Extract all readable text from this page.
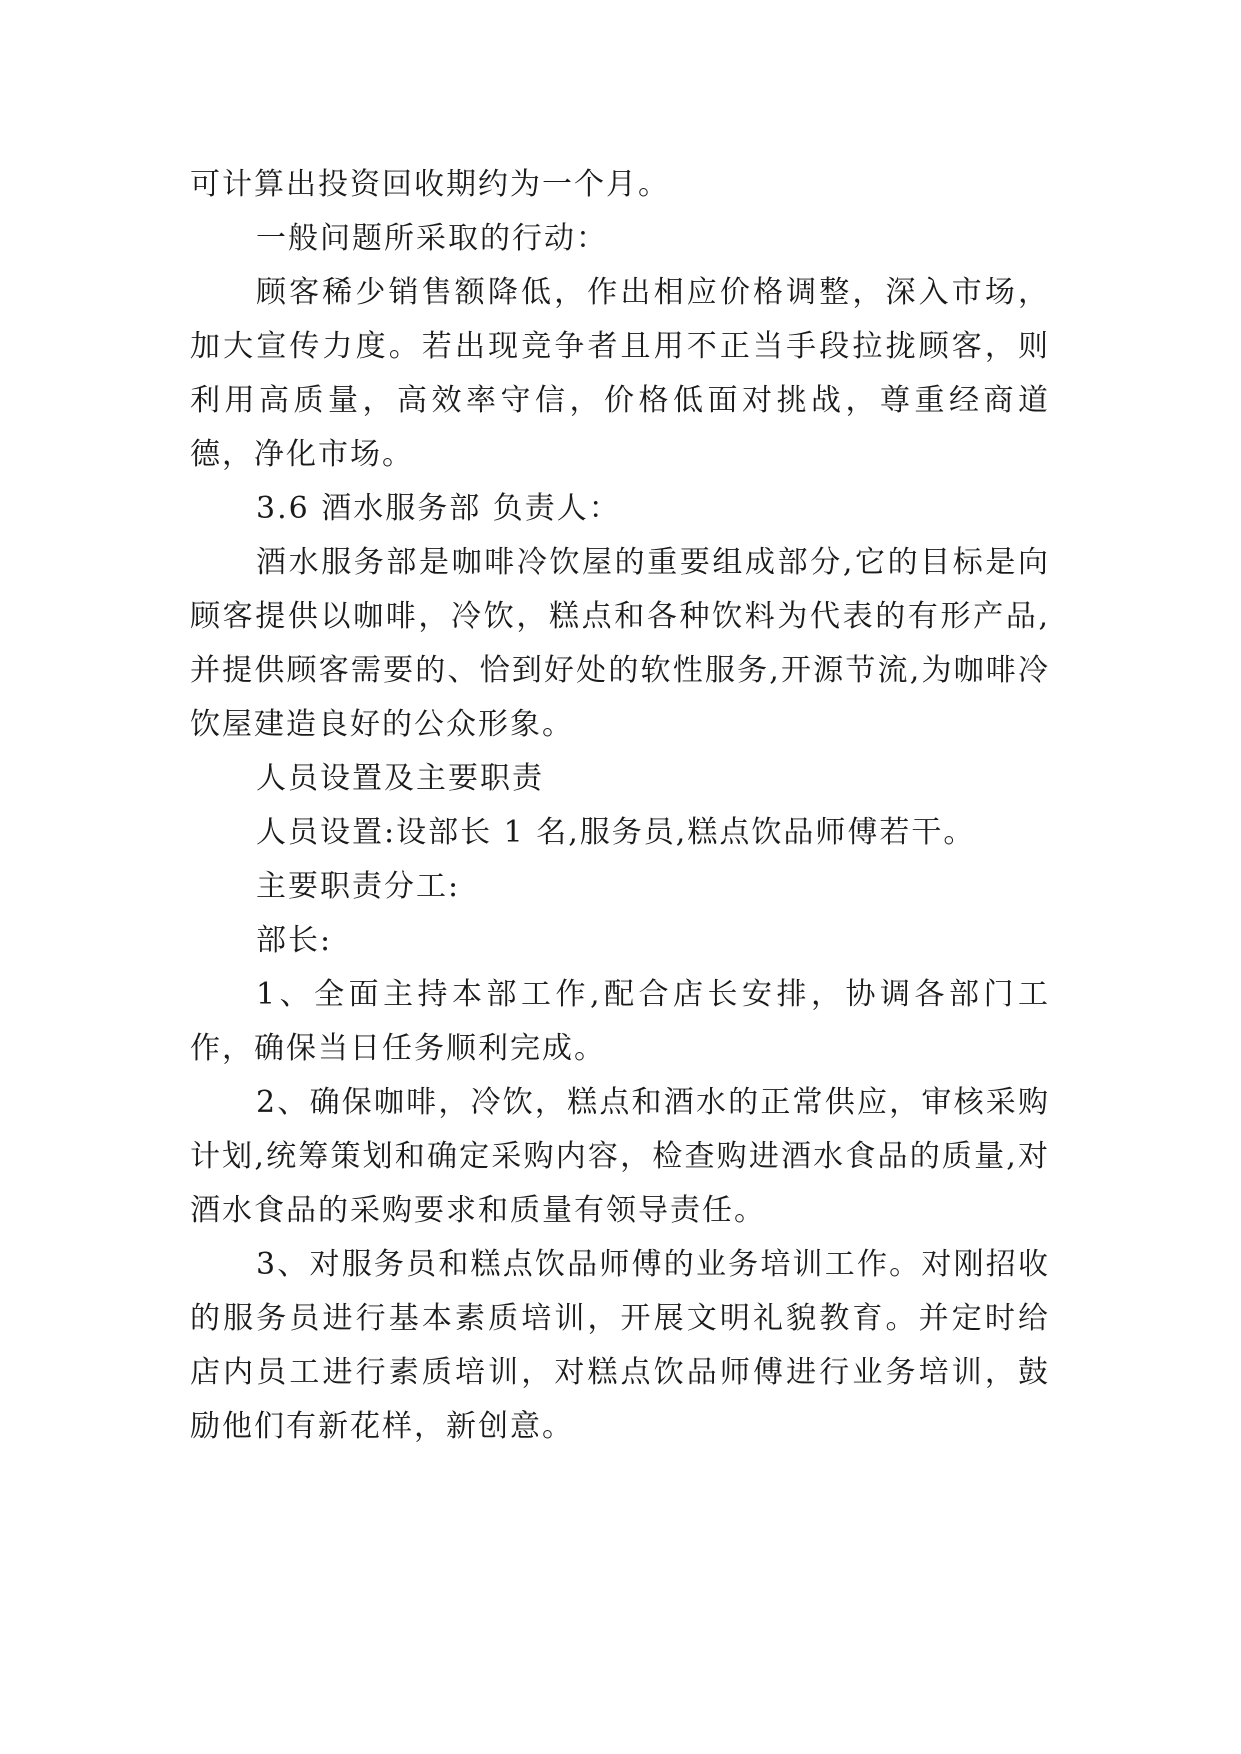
可计算出投资回收期约为一个月。

一般问题所采取的行动：

顾客稀少销售额降低，作出相应价格调整，深入市场，加大宣传力度。若出现竞争者且用不正当手段拉拢顾客，则利用高质量，高效率守信，价格低面对挑战，尊重经商道德，净化市场。

3.6 酒水服务部 负责人：

酒水服务部是咖啡冷饮屋的重要组成部分,它的目标是向顾客提供以咖啡，冷饮，糕点和各种饮料为代表的有形产品,并提供顾客需要的、恰到好处的软性服务,开源节流,为咖啡冷饮屋建造良好的公众形象。

人员设置及主要职责

人员设置:设部长 1 名,服务员,糕点饮品师傅若干。

主要职责分工:

部长:

1、全面主持本部工作,配合店长安排，协调各部门工作，确保当日任务顺利完成。

2、确保咖啡，冷饮，糕点和酒水的正常供应，审核采购计划,统筹策划和确定采购内容，检查购进酒水食品的质量,对酒水食品的采购要求和质量有领导责任。

3、对服务员和糕点饮品师傅的业务培训工作。对刚招收的服务员进行基本素质培训，开展文明礼貌教育。并定时给店内员工进行素质培训，对糕点饮品师傅进行业务培训，鼓励他们有新花样，新创意。
